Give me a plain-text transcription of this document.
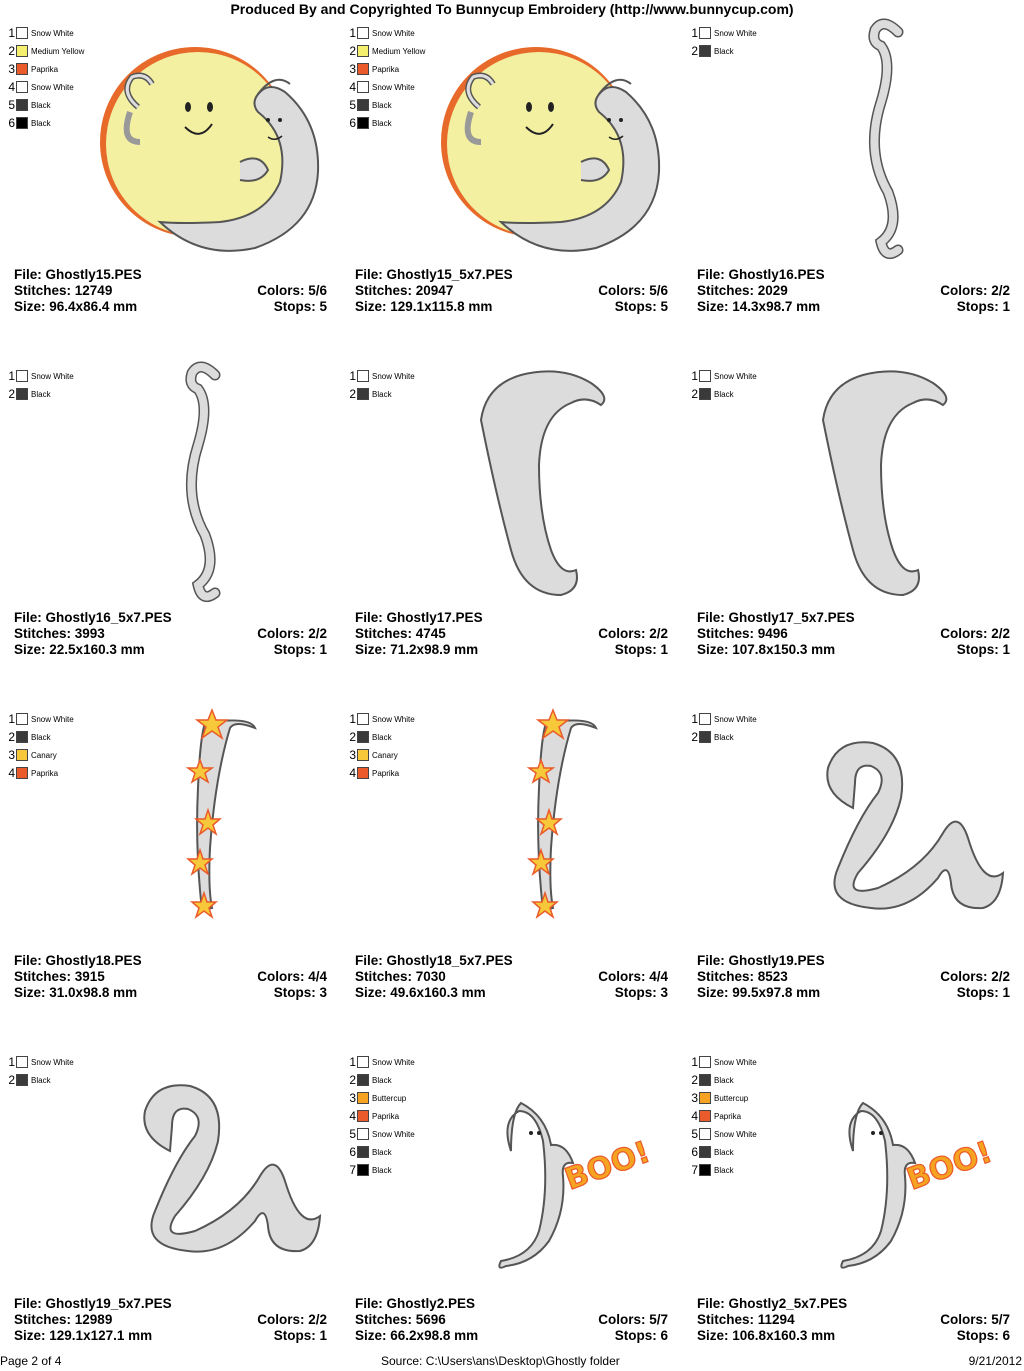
Produced By and Copyrighted To Bunnycup Embroidery (http://www.bunnycup.com)
1 Snow White
2 Medium Yellow
3 Paprika
4 Snow White
5 Black
6 Black
File: Ghostly15.PES
Stitches: 12749	Colors: 5/6
Size: 96.4x86.4 mm	Stops: 5
1 Snow White
2 Medium Yellow
3 Paprika
4 Snow White
5 Black
6 Black
File: Ghostly15_5x7.PES
Stitches: 20947	Colors: 5/6
Size: 129.1x115.8 mm	Stops: 5
1 Snow White
2 Black
File: Ghostly16.PES
Stitches: 2029	Colors: 2/2
Size: 14.3x98.7 mm	Stops: 1
1 Snow White
2 Black
File: Ghostly16_5x7.PES
Stitches: 3993	Colors: 2/2
Size: 22.5x160.3 mm	Stops: 1
1 Snow White
2 Black
File: Ghostly17.PES
Stitches: 4745	Colors: 2/2
Size: 71.2x98.9 mm	Stops: 1
1 Snow White
2 Black
File: Ghostly17_5x7.PES
Stitches: 9496	Colors: 2/2
Size: 107.8x150.3 mm	Stops: 1
1 Snow White
2 Black
3 Canary
4 Paprika
File: Ghostly18.PES
Stitches: 3915	Colors: 4/4
Size: 31.0x98.8 mm	Stops: 3
1 Snow White
2 Black
3 Canary
4 Paprika
File: Ghostly18_5x7.PES
Stitches: 7030	Colors: 4/4
Size: 49.6x160.3 mm	Stops: 3
1 Snow White
2 Black
File: Ghostly19.PES
Stitches: 8523	Colors: 2/2
Size: 99.5x97.8 mm	Stops: 1
1 Snow White
2 Black
File: Ghostly19_5x7.PES
Stitches: 12989	Colors: 2/2
Size: 129.1x127.1 mm	Stops: 1
1 Snow White
2 Black
3 Buttercup
4 Paprika
5 Snow White
6 Black
7 Black
File: Ghostly2.PES
Stitches: 5696	Colors: 5/7
Size: 66.2x98.8 mm	Stops: 6
1 Snow White
2 Black
3 Buttercup
4 Paprika
5 Snow White
6 Black
7 Black
File: Ghostly2_5x7.PES
Stitches: 11294	Colors: 5/7
Size: 106.8x160.3 mm	Stops: 6
Page 2 of 4	Source: C:\Users\ans\Desktop\Ghostly folder	9/21/2012
